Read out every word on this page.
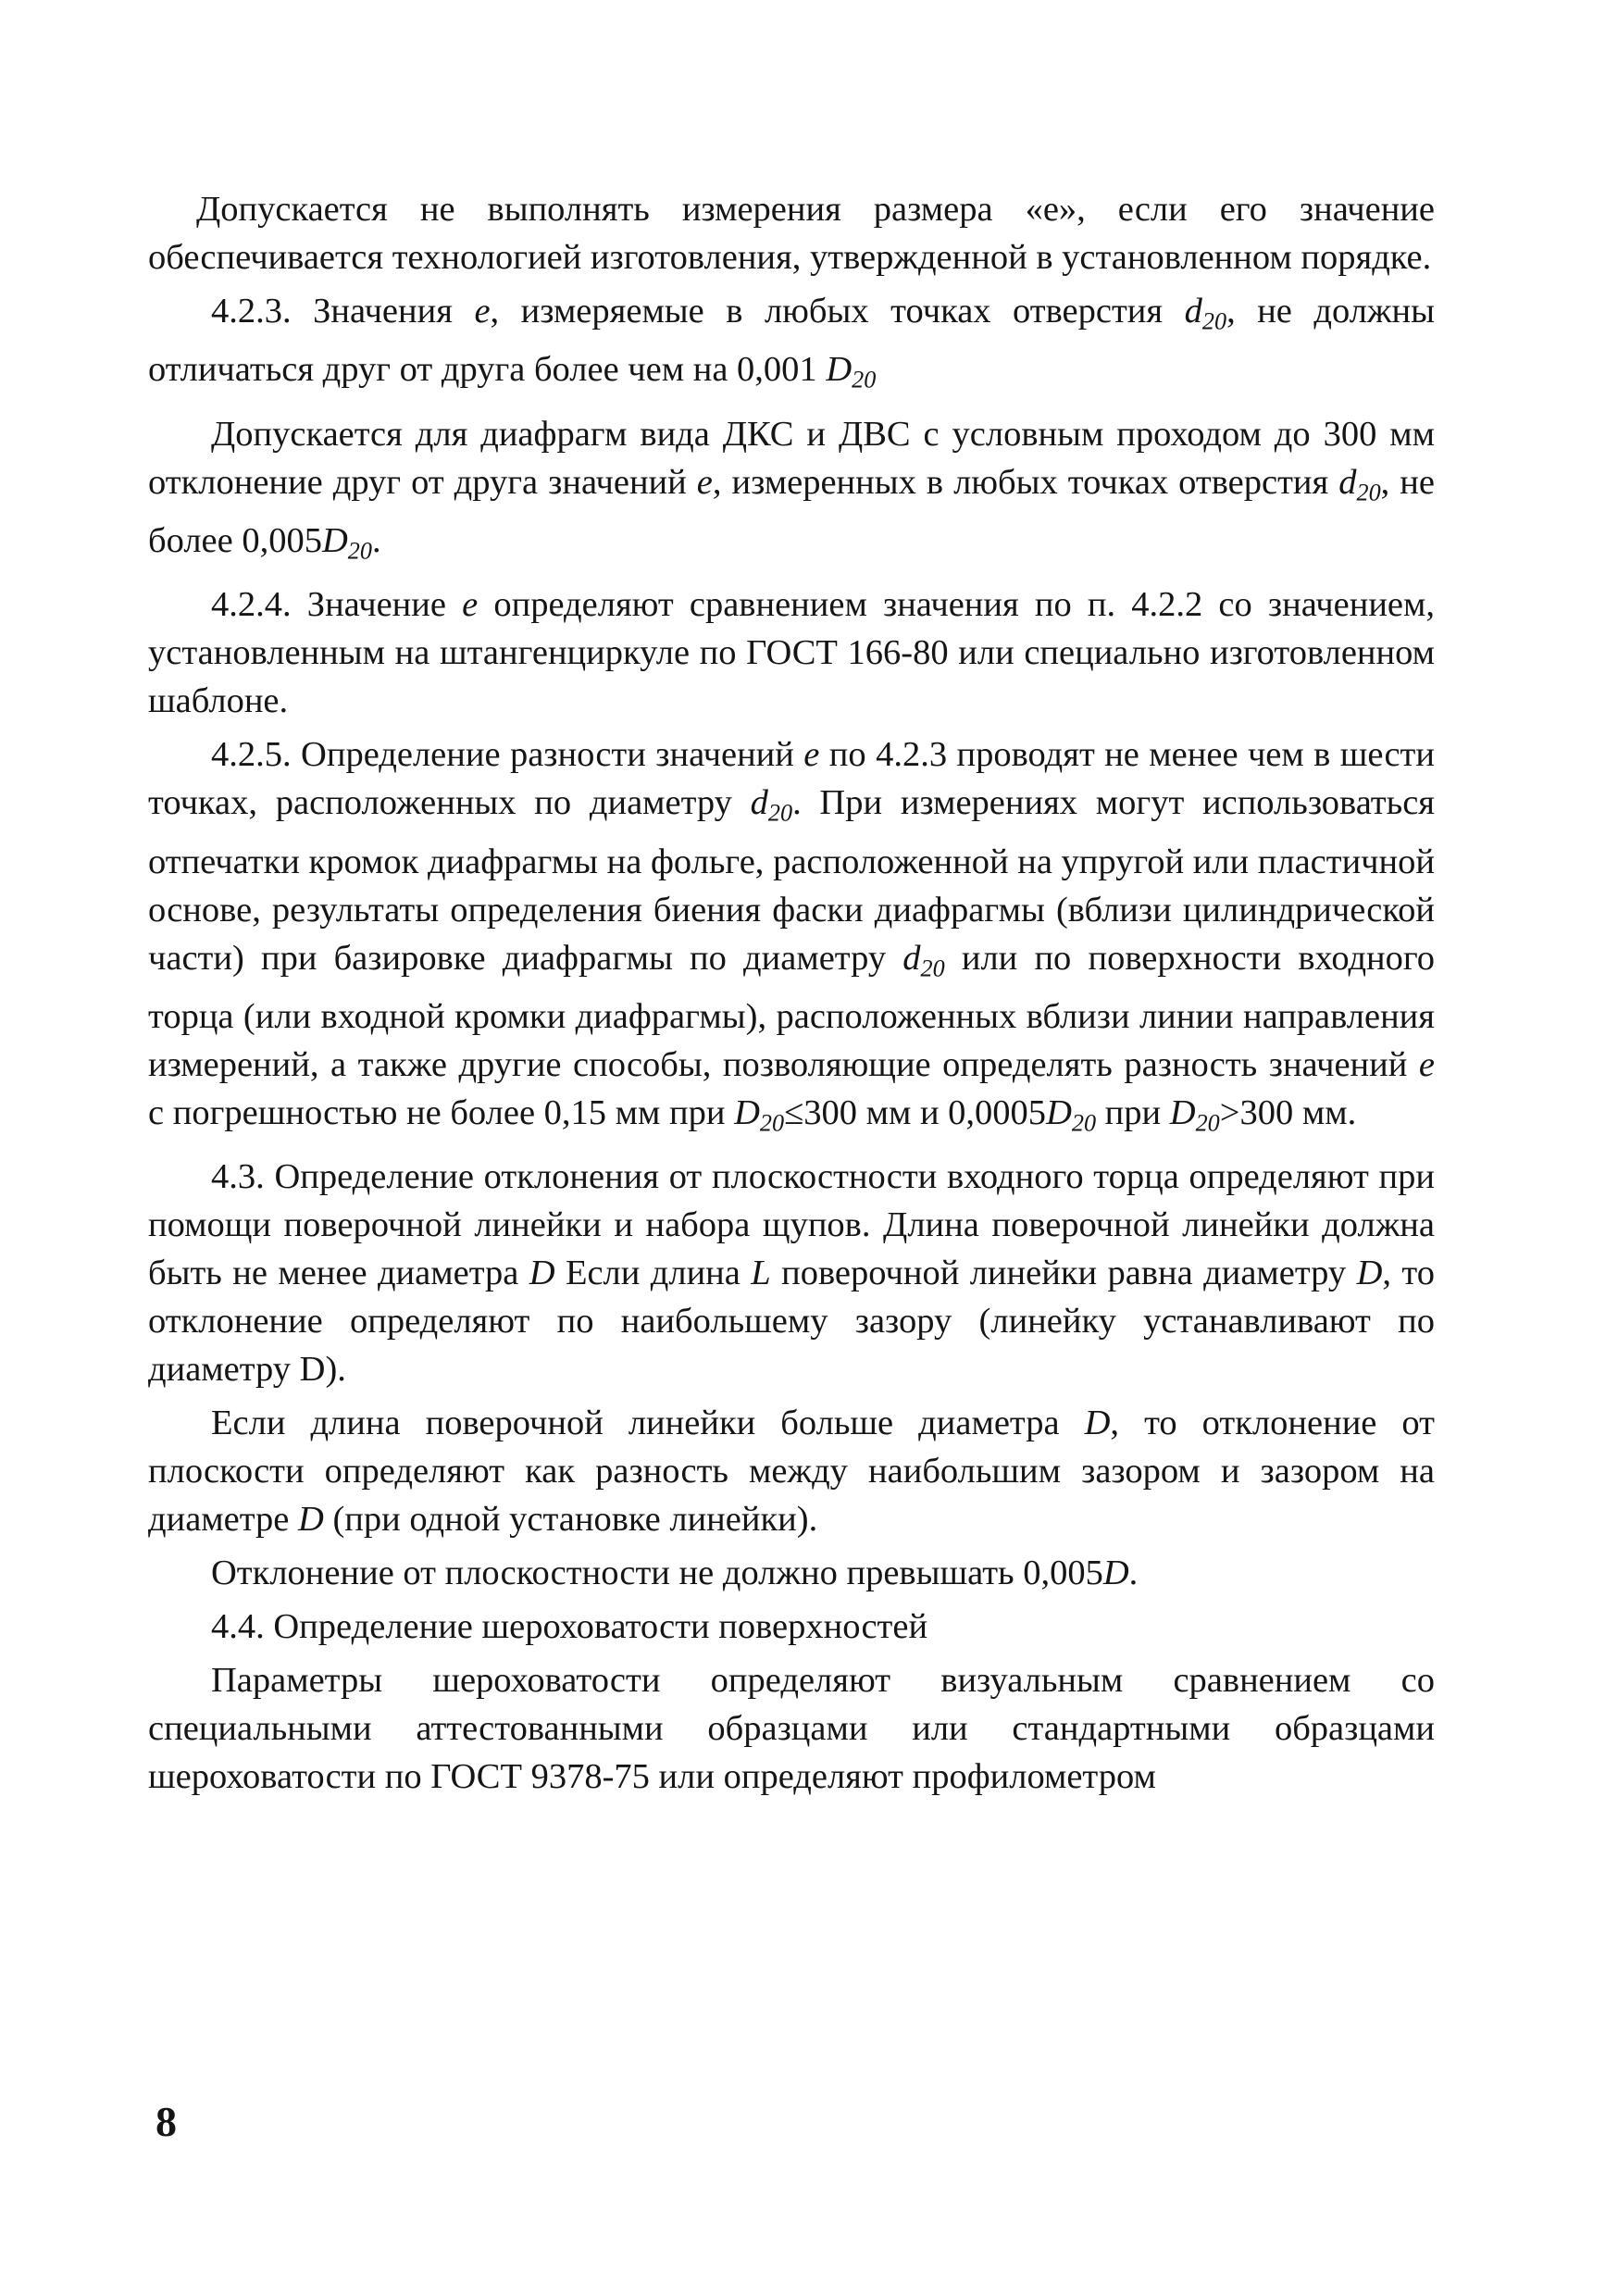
Допускается не выполнять измерения размера «е», если его значение обеспечивается технологией изготовления, утвержденной в установленном порядке.

4.2.3. Значения e, измеряемые в любых точках отверстия $d_{20}$, не должны отличаться друг от друга более чем на 0,001 $D_{20}$

Допускается для диафрагм вида ДКС и ДВС с условным проходом до 300 мм отклонение друг от друга значений e, измеренных в любых точках отверстия $d_{20}$, не более $0,005D_{20}$.

4.2.4. Значение e определяют сравнением значения по п. 4.2.2 со значением, установленным на штангенциркуле по ГОСТ 166-80 или специально изготовленном шаблоне.

4.2.5. Определение разности значений e по 4.2.3 проводят не менее чем в шести точках, расположенных по диаметру $d_{20}$. При измерениях могут использоваться отпечатки кромок диафрагмы на фольге, расположенной на упругой или пластичной основе, результаты определения биения фаски диафрагмы (вблизи цилиндрической части) при базировке диафрагмы по диаметру $d_{20}$ или по поверхности входного торца (или входной кромки диафрагмы), расположенных вблизи линии направления измерений, а также другие способы, позволяющие определять разность значений e с погрешностью не более 0,15 мм при $D_{20}\le 300$ мм и $0,0005D_{20}$ при $D_{20}>300$ мм.

4.3. Определение отклонения от плоскостности входного торца определяют при помощи поверочной линейки и набора щупов. Длина поверочной линейки должна быть не менее диаметра D Если длина L поверочной линейки равна диаметру D, то отклонение определяют по наибольшему зазору (линейку устанавливают по диаметру D).

Если длина поверочной линейки больше диаметра D, то отклонение от плоскости определяют как разность между наибольшим зазором и зазором на диаметре D (при одной установке линейки).

Отклонение от плоскостности не должно превышать 0,005D.

4.4. Определение шероховатости поверхностей

Параметры шероховатости определяют визуальным сравнением со специальными аттестованными образцами или стандартными образцами шероховатости по ГОСТ 9378-75 или определяют профилометром

8
